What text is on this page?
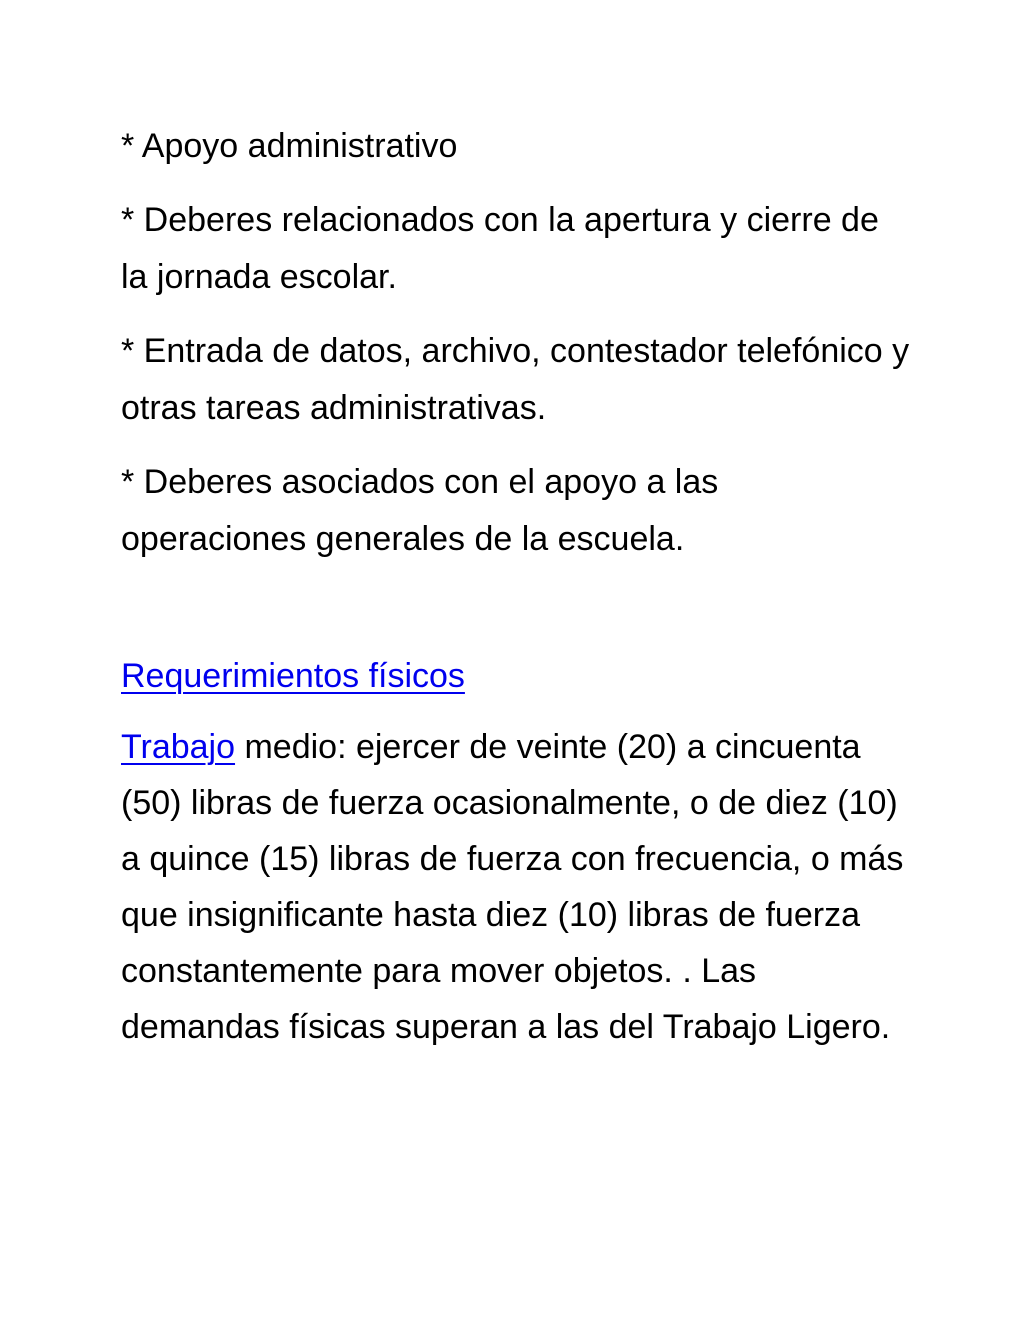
* Apoyo administrativo

* Deberes relacionados con la apertura y cierre de la jornada escolar.

* Entrada de datos, archivo, contestador telefónico y otras tareas administrativas.

* Deberes asociados con el apoyo a las operaciones generales de la escuela.

Requerimientos físicos

Trabajo medio: ejercer de veinte (20) a cincuenta (50) libras de fuerza ocasionalmente, o de diez (10) a quince (15) libras de fuerza con frecuencia, o más que insignificante hasta diez (10) libras de fuerza constantemente para mover objetos. . Las demandas físicas superan a las del Trabajo Ligero.
